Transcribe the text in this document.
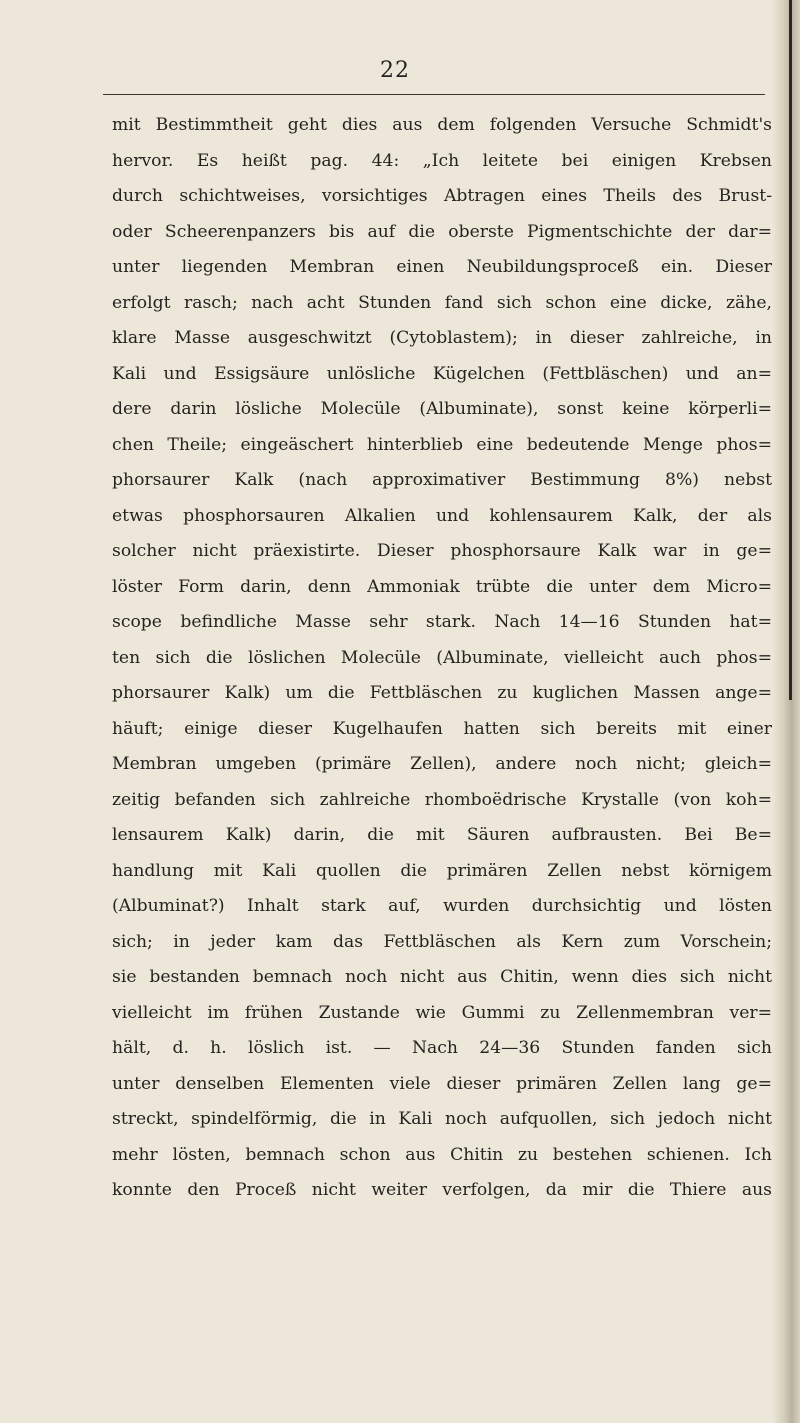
22
mit Bestimmtheit geht dies aus dem folgenden Versuche Schmidt's
hervor. Es heißt pag. 44: „Ich leitete bei einigen Krebsen
durch schichtweises, vorsichtiges Abtragen eines Theils des Brust-
oder Scheerenpanzers bis auf die oberste Pigmentschichte der dar=
unter liegenden Membran einen Neubildungsproceß ein. Dieser
erfolgt rasch; nach acht Stunden fand sich schon eine dicke, zähe,
klare Masse ausgeschwitzt (Cytoblastem); in dieser zahlreiche, in
Kali und Essigsäure unlösliche Kügelchen (Fettbläschen) und an=
dere darin lösliche Molecüle (Albuminate), sonst keine körperli=
chen Theile; eingeäschert hinterblieb eine bedeutende Menge phos=
phorsaurer Kalk (nach approximativer Bestimmung 8%) nebst
etwas phosphorsauren Alkalien und kohlensaurem Kalk, der als
solcher nicht präexistirte. Dieser phosphorsaure Kalk war in ge=
löster Form darin, denn Ammoniak trübte die unter dem Micro=
scope befindliche Masse sehr stark. Nach 14—16 Stunden hat=
ten sich die löslichen Molecüle (Albuminate, vielleicht auch phos=
phorsaurer Kalk) um die Fettbläschen zu kuglichen Massen ange=
häuft; einige dieser Kugelhaufen hatten sich bereits mit einer
Membran umgeben (primäre Zellen), andere noch nicht; gleich=
zeitig befanden sich zahlreiche rhomboëdrische Krystalle (von koh=
lensaurem Kalk) darin, die mit Säuren aufbrausten. Bei Be=
handlung mit Kali quollen die primären Zellen nebst körnigem
(Albuminat?) Inhalt stark auf, wurden durchsichtig und lösten
sich; in jeder kam das Fettbläschen als Kern zum Vorschein;
sie bestanden bemnach noch nicht aus Chitin, wenn dies sich nicht
vielleicht im frühen Zustande wie Gummi zu Zellenmembran ver=
hält, d. h. löslich ist. — Nach 24—36 Stunden fanden sich
unter denselben Elementen viele dieser primären Zellen lang ge=
streckt, spindelförmig, die in Kali noch aufquollen, sich jedoch nicht
mehr lösten, bemnach schon aus Chitin zu bestehen schienen. Ich
konnte den Proceß nicht weiter verfolgen, da mir die Thiere aus
